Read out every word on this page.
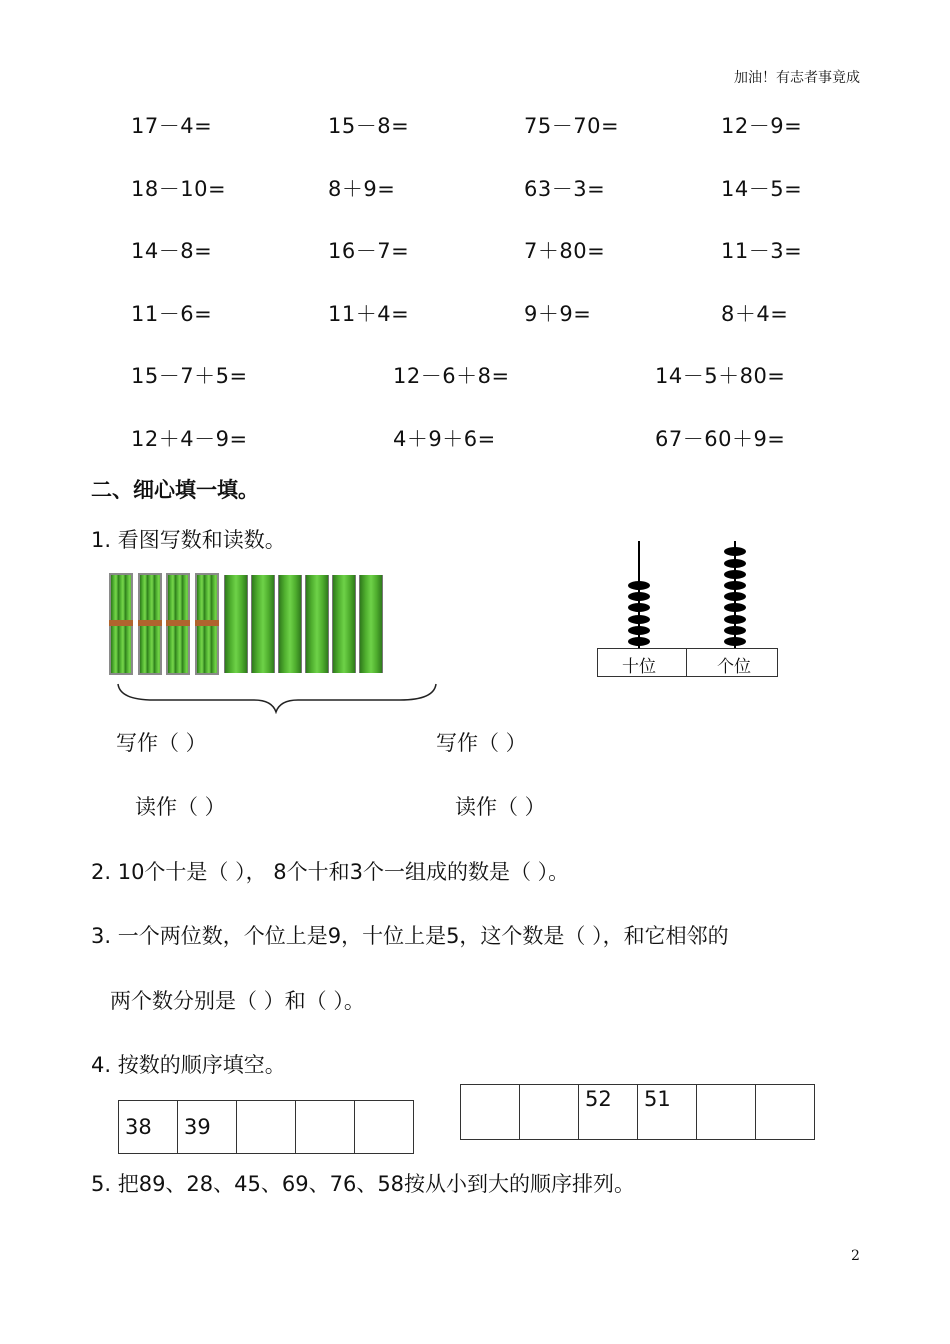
加油！有志者事竟成
2
17－4=	15－8=	75－70=	12－9=
18－10=	8＋9=	63－3=	14－5=
14－8=	16－7=	7＋80=	11－3=
11－6=	11＋4=	9＋9=	8＋4=
15－7＋5=	12－6＋8=	14－5＋80=
12＋4－9=	4＋9＋6=	67－60＋9=
二、细心填一填。
1. 看图写数和读数。
十位	个位
写作（ ）	写作（ ）
读作（ ）	读作（ ）
2. 10个十是（ ）， 8个十和3个一组成的数是（ ）。
3. 一个两位数，个位上是9，十位上是5，这个数是（ ），和它相邻的
两个数分别是（ ）和（ ）。
4. 按数的顺序填空。
38	39			
		52	51		
5. 把89、28、45、69、76、58按从小到大的顺序排列。
